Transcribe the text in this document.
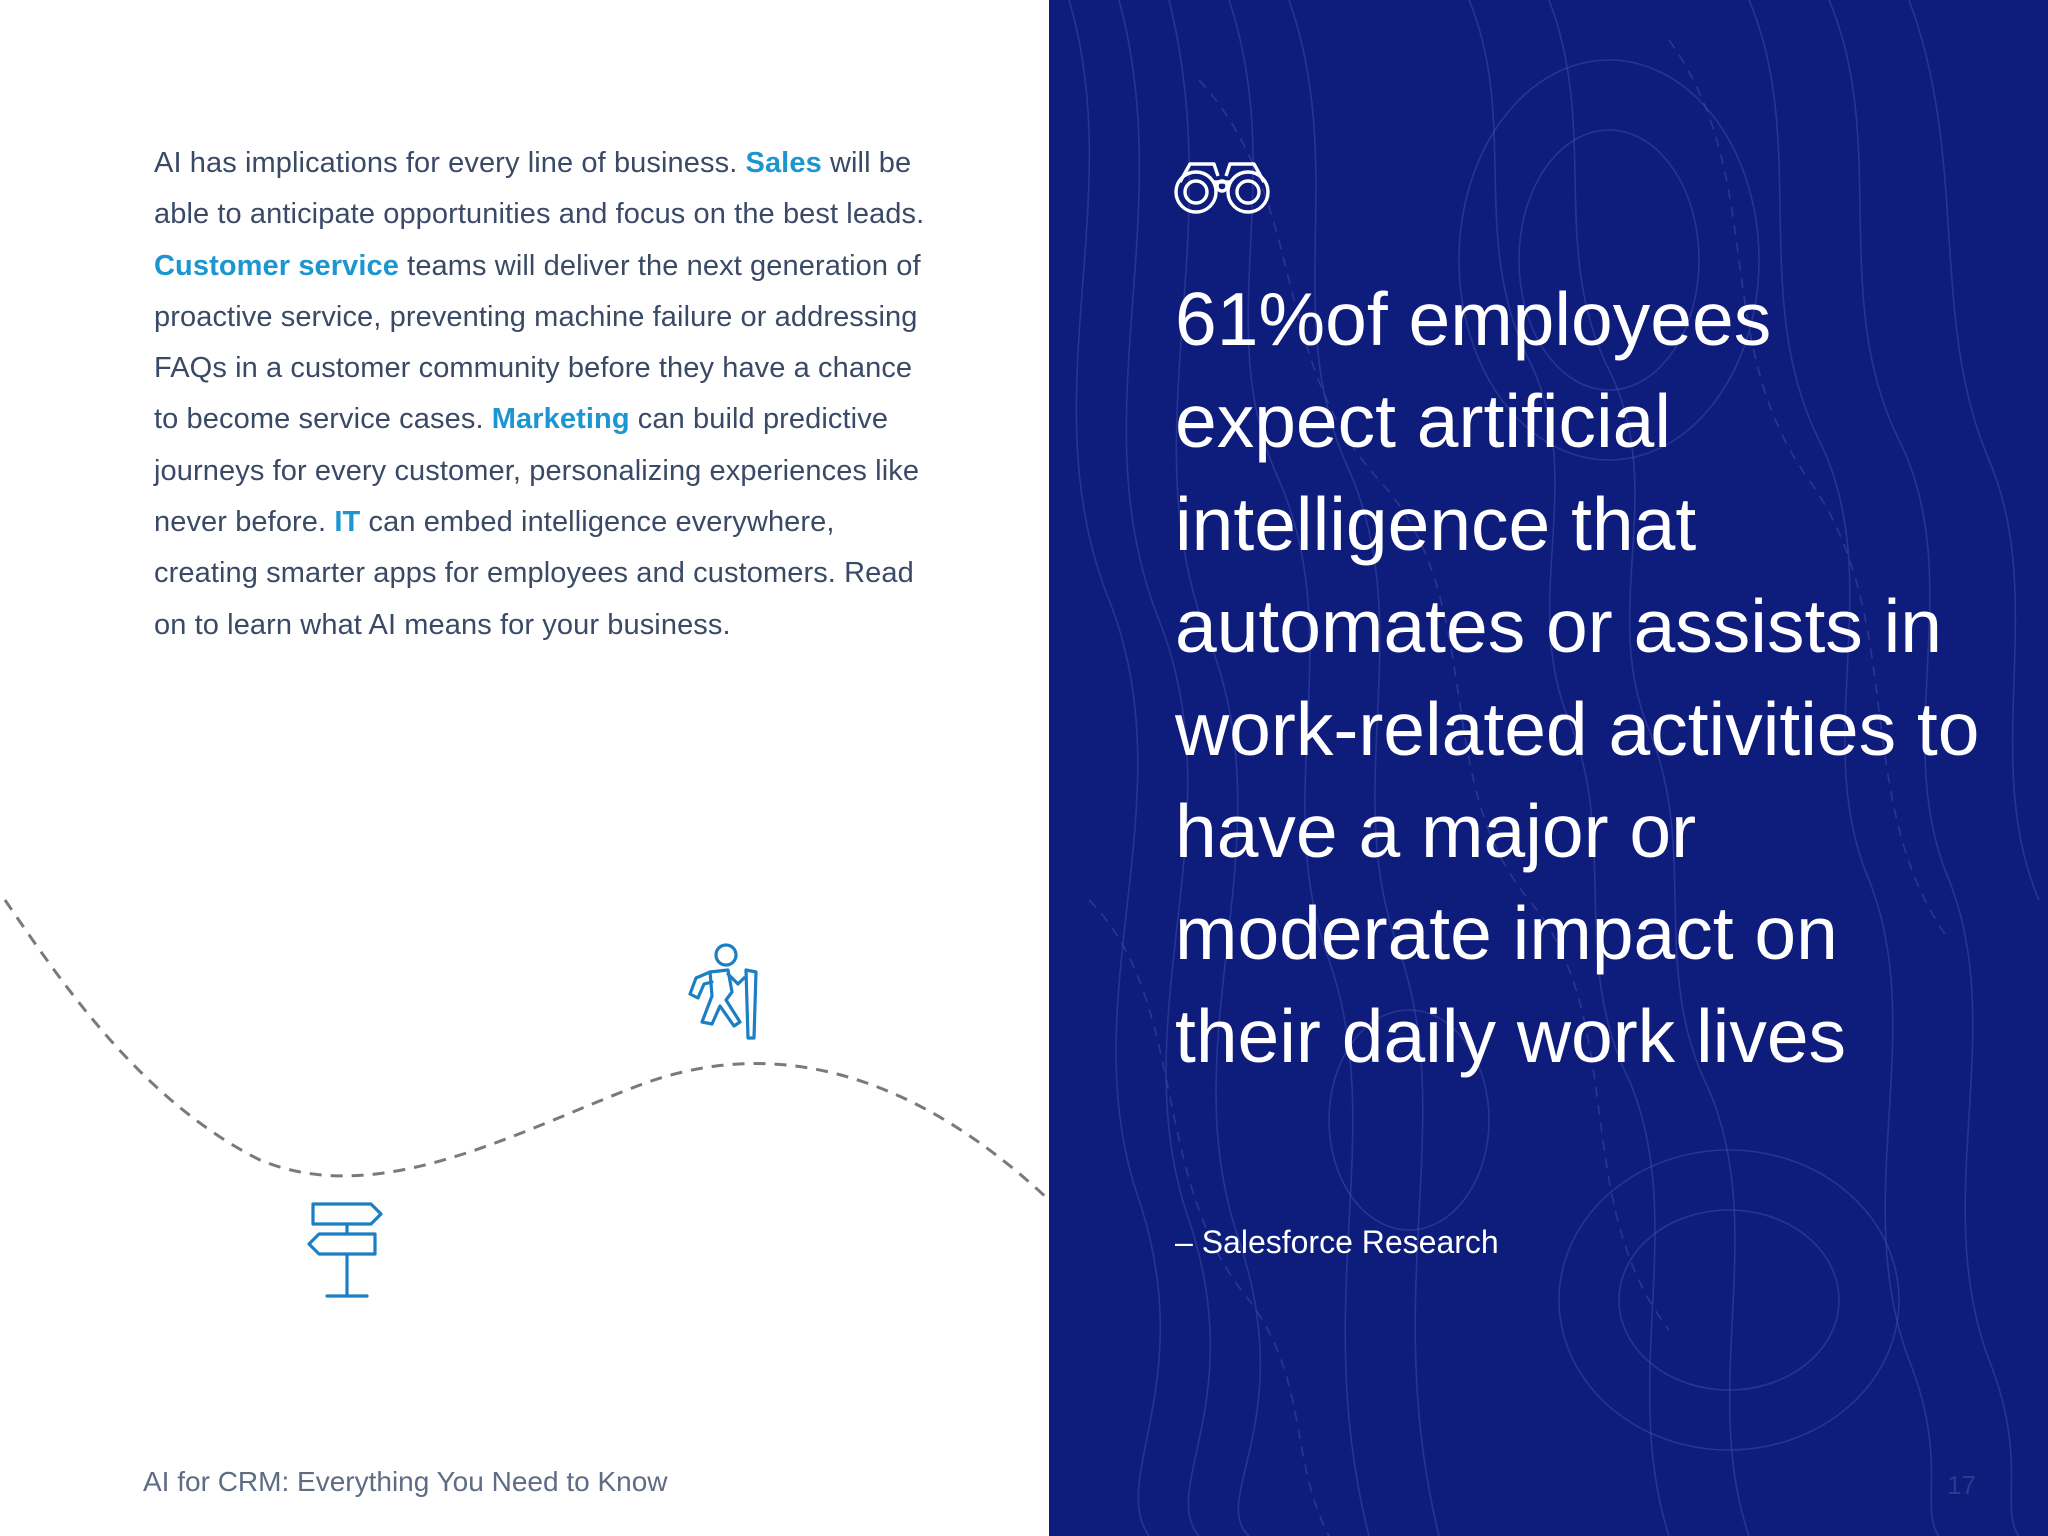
AI has implications for every line of business. Sales will be able to anticipate opportunities and focus on the best leads. Customer service teams will deliver the next generation of proactive service, preventing machine failure or addressing FAQs in a customer community before they have a chance to become service cases. Marketing can build predictive journeys for every customer, personalizing experiences like never before. IT can embed intelligence everywhere, creating smarter apps for employees and customers. Read on to learn what AI means for your business.

AI for CRM: Everything You Need to Know	17

61%of employees expect artificial intelligence that automates or assists in work-related activities to have a major or moderate impact on their daily work lives

– Salesforce Research
